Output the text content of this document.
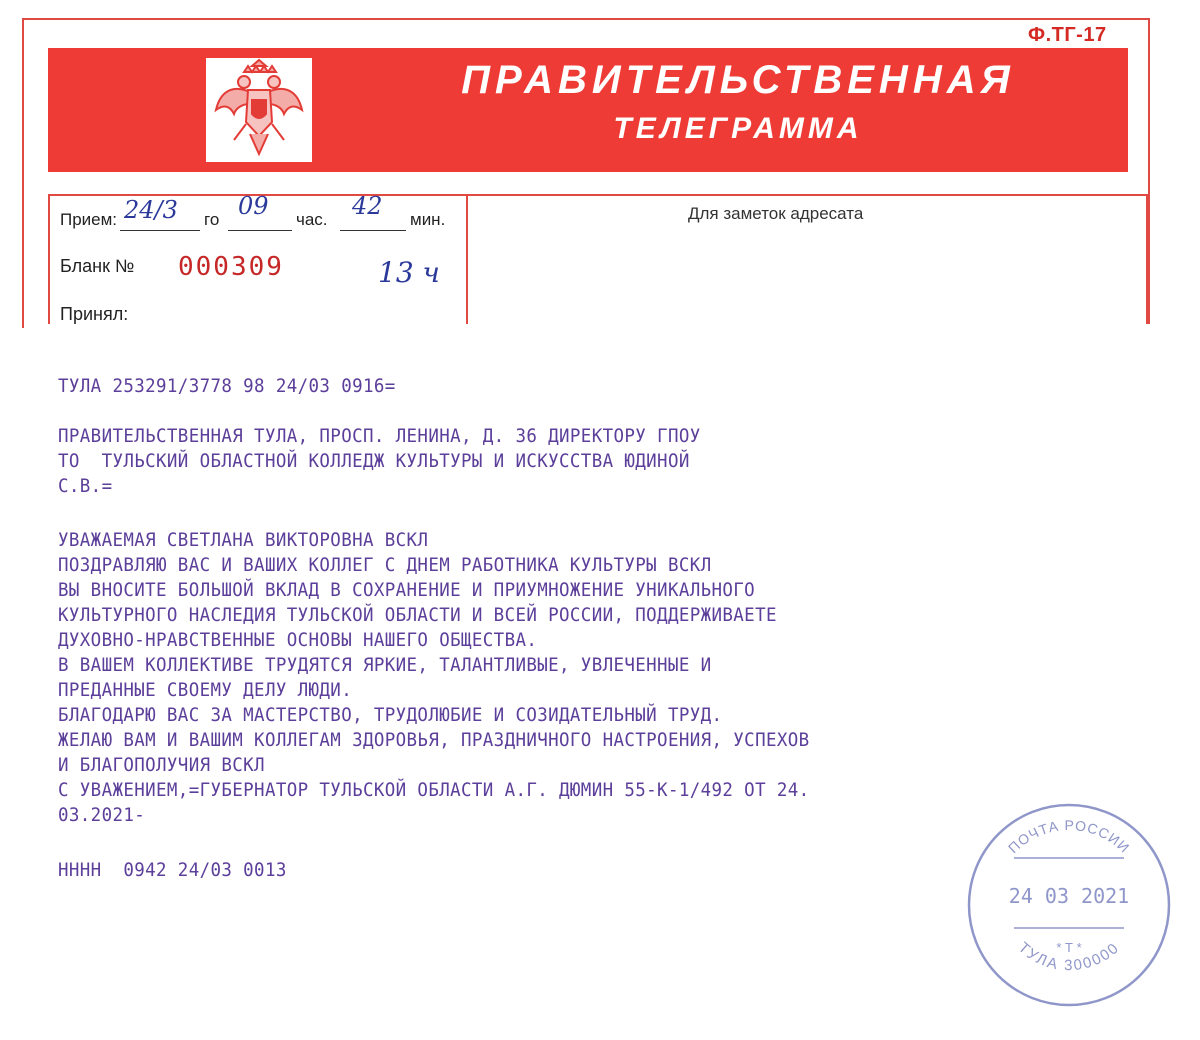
Ф.ТГ-17
ПРАВИТЕЛЬСТВЕННАЯ
ТЕЛЕГРАММА
Прием: 24/3 го 09 час. 42 мин.
Бланк № 000309	13 ч
Принял:
Для заметок адресата
ТУЛА 253291/3778 98 24/03 0916=
ПРАВИТЕЛЬСТВЕННАЯ ТУЛА, ПРОСП. ЛЕНИНА, Д. 36 ДИРЕКТОРУ ГПОУ
ТО  ТУЛЬСКИЙ ОБЛАСТНОЙ КОЛЛЕДЖ КУЛЬТУРЫ И ИСКУССТВА ЮДИНОЙ
С.В.=
УВАЖАЕМАЯ СВЕТЛАНА ВИКТОРОВНА ВСКЛ
ПОЗДРАВЛЯЮ ВАС И ВАШИХ КОЛЛЕГ С ДНЕМ РАБОТНИКА КУЛЬТУРЫ ВСКЛ
ВЫ ВНОСИТЕ БОЛЬШОЙ ВКЛАД В СОХРАНЕНИЕ И ПРИУМНОЖЕНИЕ УНИКАЛЬНОГО
КУЛЬТУРНОГО НАСЛЕДИЯ ТУЛЬСКОЙ ОБЛАСТИ И ВСЕЙ РОССИИ, ПОДДЕРЖИВАЕТЕ
ДУХОВНО-НРАВСТВЕННЫЕ ОСНОВЫ НАШЕГО ОБЩЕСТВА.
В ВАШЕМ КОЛЛЕКТИВЕ ТРУДЯТСЯ ЯРКИЕ, ТАЛАНТЛИВЫЕ, УВЛЕЧЕННЫЕ И
ПРЕДАННЫЕ СВОЕМУ ДЕЛУ ЛЮДИ.
БЛАГОДАРЮ ВАС ЗА МАСТЕРСТВО, ТРУДОЛЮБИЕ И СОЗИДАТЕЛЬНЫЙ ТРУД.
ЖЕЛАЮ ВАМ И ВАШИМ КОЛЛЕГАМ ЗДОРОВЬЯ, ПРАЗДНИЧНОГО НАСТРОЕНИЯ, УСПЕХОВ
И БЛАГОПОЛУЧИЯ ВСКЛ
С УВАЖЕНИЕМ,=ГУБЕРНАТОР ТУЛЬСКОЙ ОБЛАСТИ А.Г. ДЮМИН 55-К-1/492 ОТ 24.
03.2021-
НННН  0942 24/03 0013
ПОЧТА РОССИИ
24 03 2021
* Т *
ТУЛА 300000
